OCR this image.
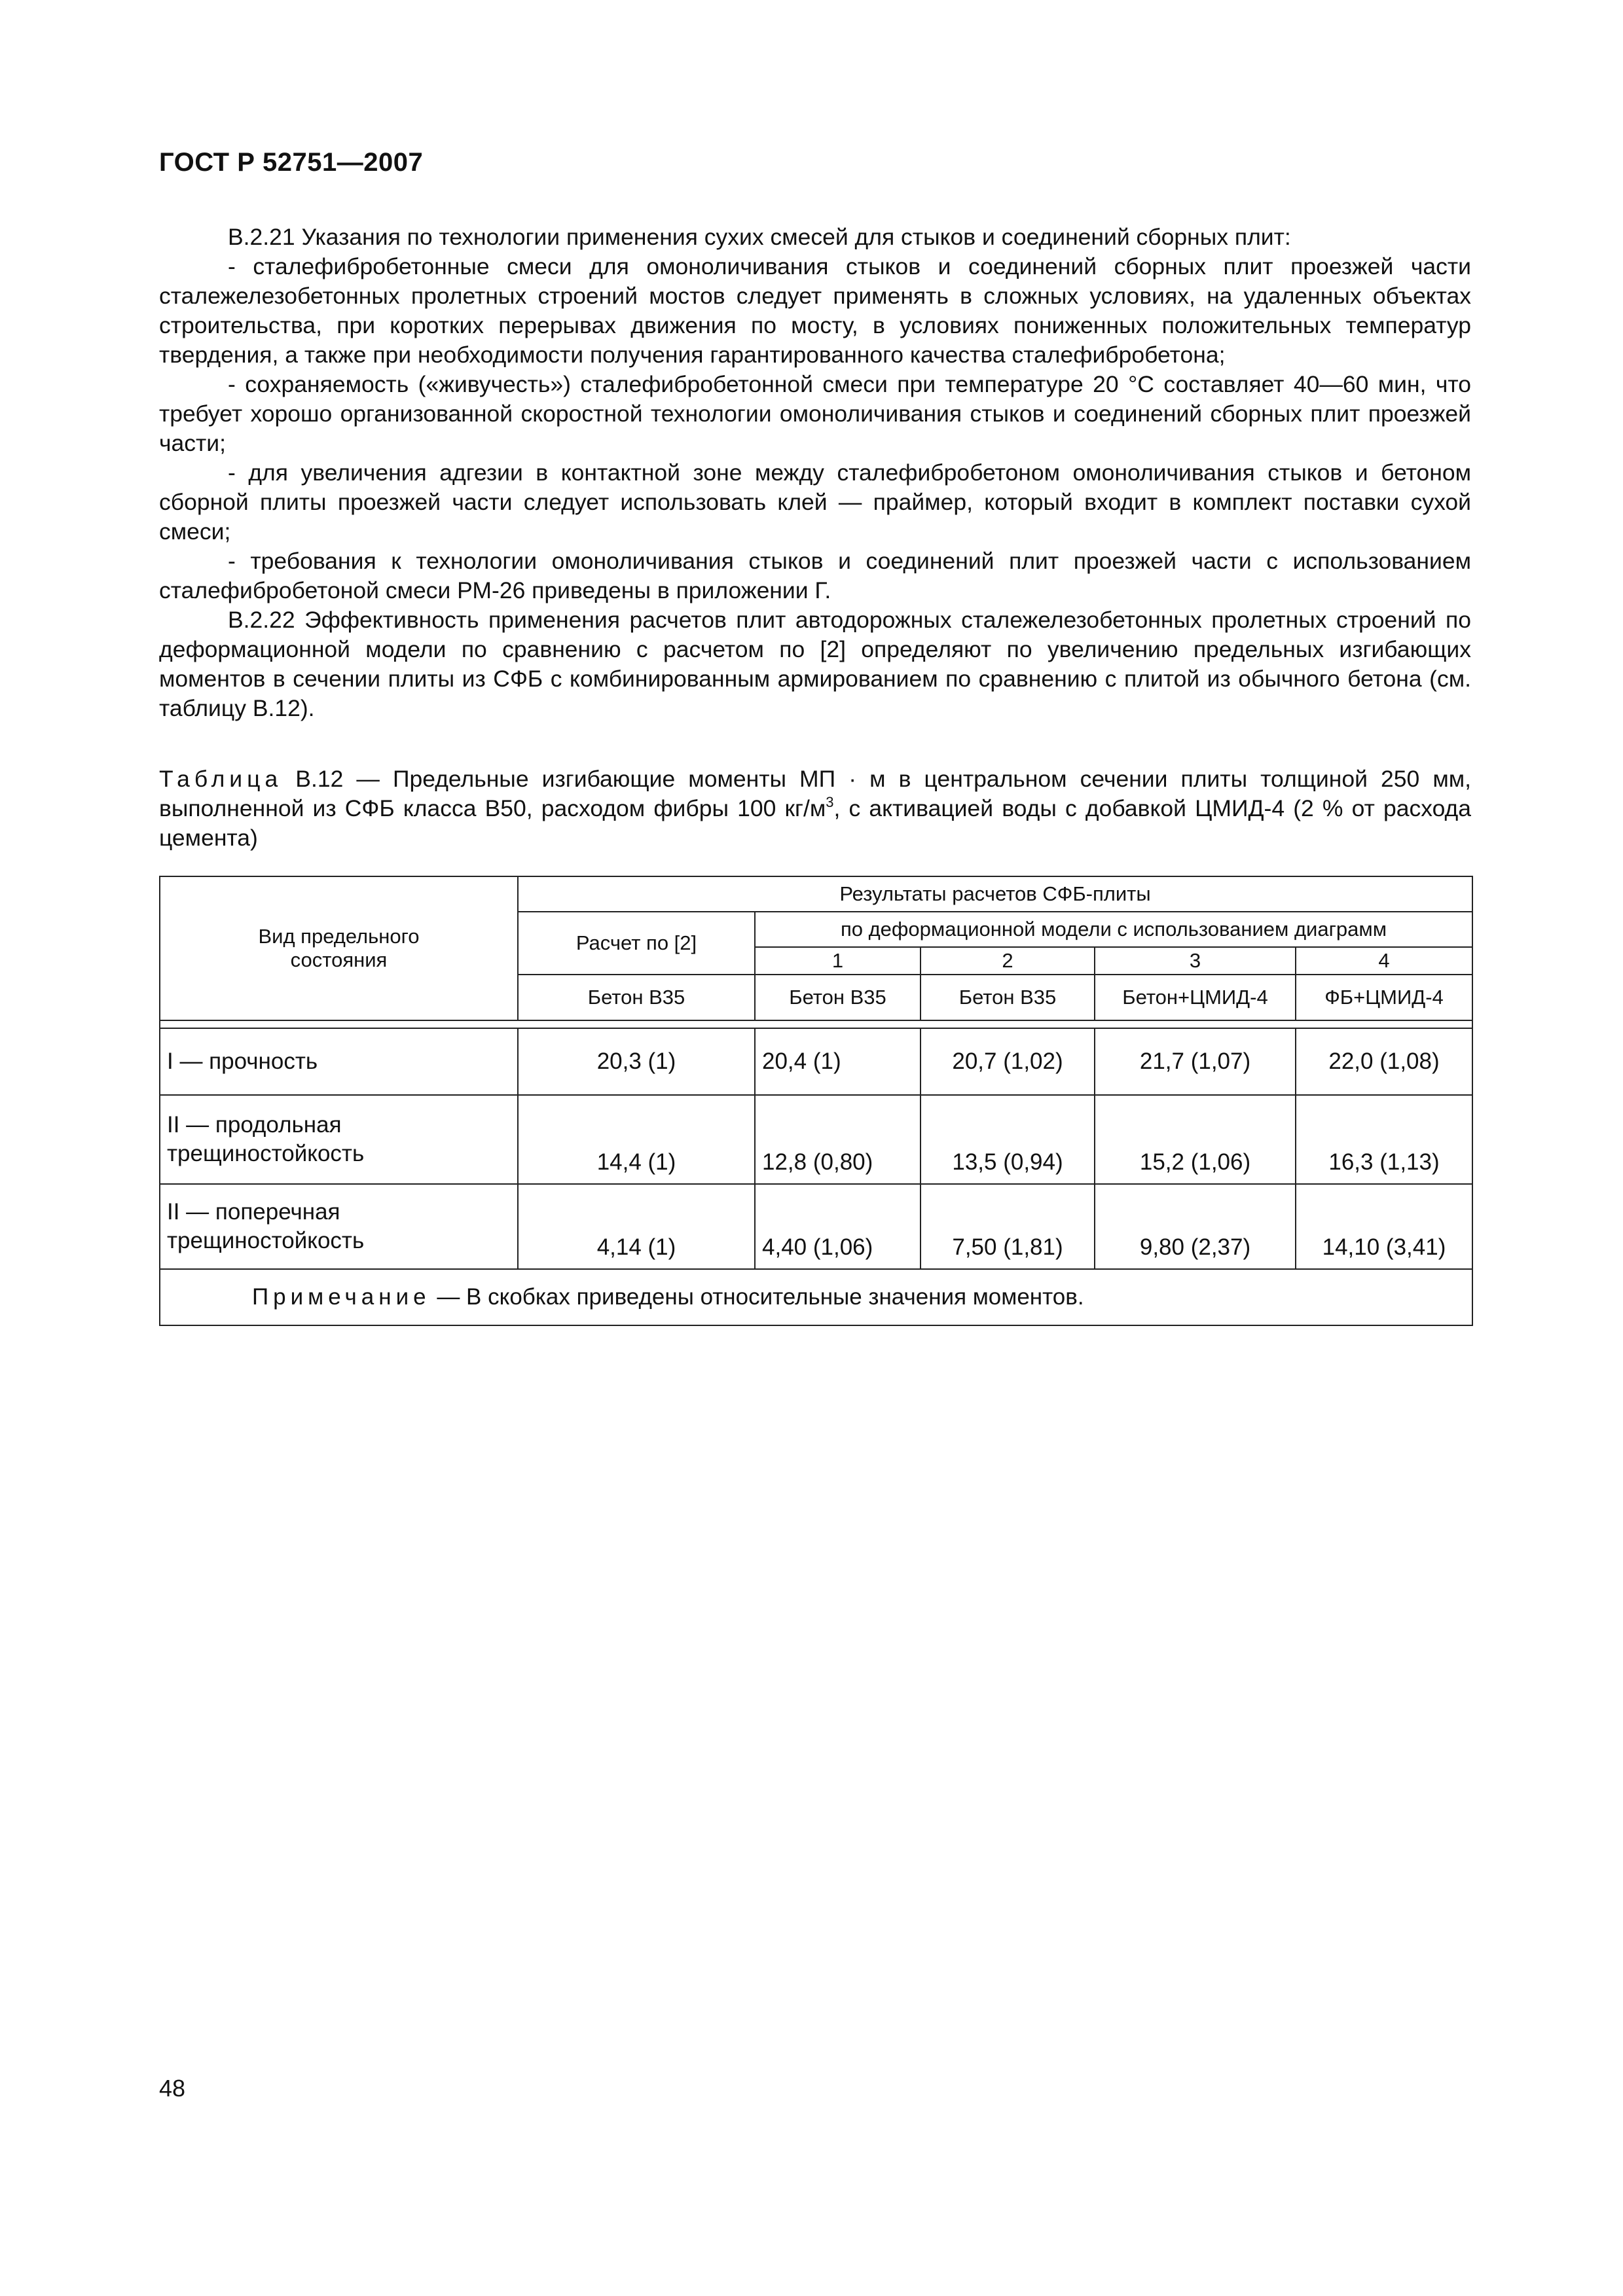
ГОСТ Р 52751—2007

В.2.21 Указания по технологии применения сухих смесей для стыков и соединений сборных плит:

- сталефибробетонные смеси для омоноличивания стыков и соединений сборных плит проезжей части сталежелезобетонных пролетных строений мостов следует применять в сложных условиях, на удаленных объектах строительства, при коротких перерывах движения по мосту, в условиях пониженных положительных температур твердения, а также при необходимости получения гарантированного качества сталефибробетона;

- сохраняемость («живучесть») сталефибробетонной смеси при температуре 20 °С составляет 40—60 мин, что требует хорошо организованной скоростной технологии омоноличивания стыков и соединений сборных плит проезжей части;

- для увеличения адгезии в контактной зоне между сталефибробетоном омоноличивания стыков и бетоном сборной плиты проезжей части следует использовать клей — праймер, который входит в комплект поставки сухой смеси;

- требования к технологии омоноличивания стыков и соединений плит проезжей части с использованием сталефибробетоной смеси РМ-26 приведены в приложении Г.

В.2.22 Эффективность применения расчетов плит автодорожных сталежелезобетонных пролетных строений по деформационной модели по сравнению с расчетом по [2] определяют по увеличению предельных изгибающих моментов в сечении плиты из СФБ с комбинированным армированием по сравнению с плитой из обычного бетона (см. таблицу В.12).

Таблица В.12 — Предельные изгибающие моменты МП · м в центральном сечении плиты толщиной 250 мм, выполненной из СФБ класса В50, расходом фибры 100 $кг/м^3$, с активацией воды с добавкой ЦМИД-4 (2 % от расхода цемента)
Вид предельного состояния	Результаты расчетов СФБ-плиты				
	Расчет по [2]	по деформационной модели с использованием диаграмм			
		1	2	3	4
	Бетон В35	Бетон В35	Бетон В35	Бетон+ЦМИД-4	ФБ+ЦМИД-4

I — прочность	20,3 (1)	20,4 (1)	20,7 (1,02)	21,7 (1,07)	22,0 (1,08)
II — продольная трещиностойкость	14,4 (1)	12,8 (0,80)	13,5 (0,94)	15,2 (1,06)	16,3 (1,13)
II — поперечная трещиностойкость	4,14 (1)	4,40 (1,06)	7,50 (1,81)	9,80 (2,37)	14,10 (3,41)
Примечание — В скобках приведены относительные значения моментов.					
48
